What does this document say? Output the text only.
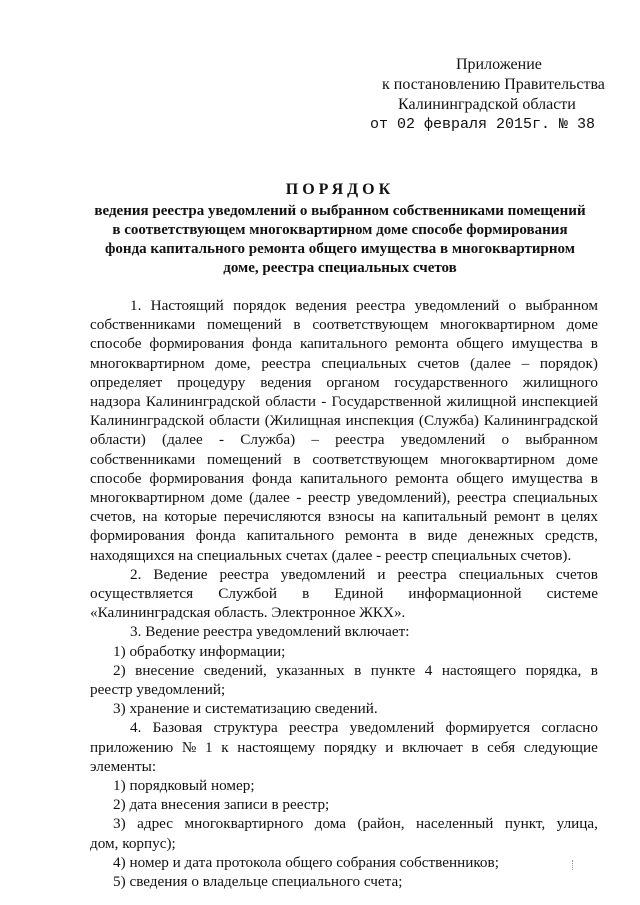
Приложение
к постановлению Правительства
Калининградской области
от 02 февраля 2015г. № 38
ПОРЯДОК
ведения реестра уведомлений о выбранном собственниками помещений
в соответствующем многоквартирном доме способе формирования
фонда капитального ремонта общего имущества в многоквартирном
доме, реестра специальных счетов
1. Настоящий порядок ведения реестра уведомлений о выбранном
собственниками помещений в соответствующем многоквартирном доме
способе формирования фонда капитального ремонта общего имущества в
многоквартирном доме, реестра специальных счетов (далее – порядок)
определяет процедуру ведения органом государственного жилищного
надзора Калининградской области - Государственной жилищной инспекцией
Калининградской области (Жилищная инспекция (Служба) Калининградской
области) (далее - Служба) – реестра уведомлений о выбранном
собственниками помещений в соответствующем многоквартирном доме
способе формирования фонда капитального ремонта общего имущества в
многоквартирном доме (далее - реестр уведомлений), реестра специальных
счетов, на которые перечисляются взносы на капитальный ремонт в целях
формирования фонда капитального ремонта в виде денежных средств,
находящихся на специальных счетах (далее - реестр специальных счетов).
2. Ведение реестра уведомлений и реестра специальных счетов
осуществляется Службой в Единой информационной системе
«Калининградская область. Электронное ЖКХ».
3. Ведение реестра уведомлений включает:
1) обработку информации;
2) внесение сведений, указанных в пункте 4 настоящего порядка, в
реестр уведомлений;
3) хранение и систематизацию сведений.
4. Базовая структура реестра уведомлений формируется согласно
приложению № 1 к настоящему порядку и включает в себя следующие
элементы:
1) порядковый номер;
2) дата внесения записи в реестр;
3) адрес многоквартирного дома (район, населенный пункт, улица,
дом, корпус);
4) номер и дата протокола общего собрания собственников;
5) сведения о владельце специального счета;
